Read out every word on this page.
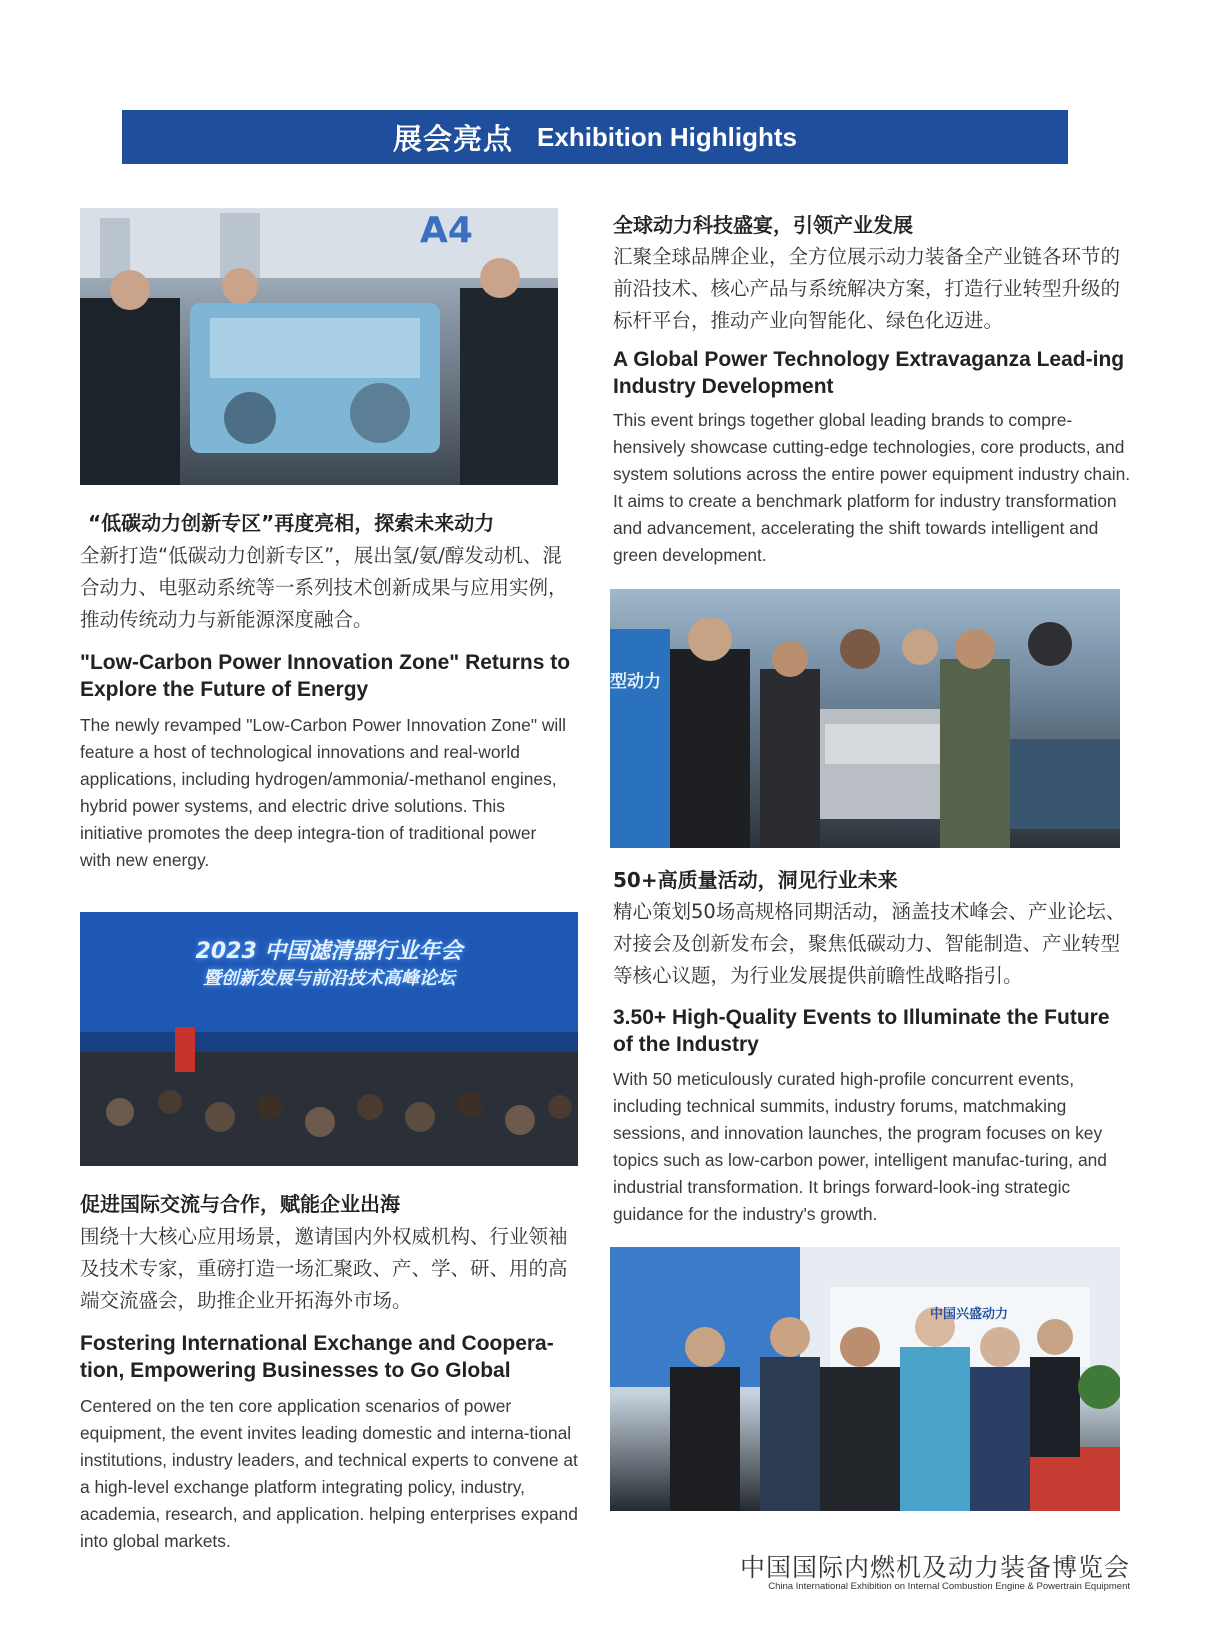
展会亮点 Exhibition Highlights
A4
2023 中国滤清器行业年会
暨创新发展与前沿技术高峰论坛
型动力
中国兴盛动力
“低碳动力创新专区”再度亮相，探索未来动力
全新打造“低碳动力创新专区”，展出氢/氨/醇发动机、混合动力、电驱动系统等一系列技术创新成果与应用实例，推动传统动力与新能源深度融合。
"Low-Carbon Power Innovation Zone" Returns to Explore the Future of Energy
The newly revamped "Low-Carbon Power Innovation Zone" will feature a host of technological innovations and real-world applications, including hydrogen/ammonia/-methanol engines, hybrid power systems, and electric drive solutions. This initiative promotes the deep integra-tion of traditional power with new energy.
促进国际交流与合作，赋能企业出海
围绕十大核心应用场景，邀请国内外权威机构、行业领袖及技术专家，重磅打造一场汇聚政、产、学、研、用的高端交流盛会，助推企业开拓海外市场。
Fostering International Exchange and Coopera-tion, Empowering Businesses to Go Global
Centered on the ten core application scenarios of power equipment, the event invites leading domestic and interna-tional institutions, industry leaders, and technical experts to convene at a high-level exchange platform integrating policy, industry, academia, research, and application. helping enterprises expand into global markets.
全球动力科技盛宴，引领产业发展
汇聚全球品牌企业，全方位展示动力装备全产业链各环节的前沿技术、核心产品与系统解决方案，打造行业转型升级的标杆平台，推动产业向智能化、绿色化迈进。
A Global Power Technology Extravaganza Lead-ing Industry Development
This event brings together global leading brands to compre-hensively showcase cutting-edge technologies, core products, and system solutions across the entire power equipment industry chain. It aims to create a benchmark platform for industry transformation and advancement, accelerating the shift towards intelligent and green development.
50+高质量活动，洞见行业未来
精心策划50场高规格同期活动，涵盖技术峰会、产业论坛、对接会及创新发布会，聚焦低碳动力、智能制造、产业转型等核心议题，为行业发展提供前瞻性战略指引。
3.50+ High-Quality Events to Illuminate the Future of the Industry
With 50 meticulously curated high-profile concurrent events, including technical summits, industry forums, matchmaking sessions, and innovation launches, the program focuses on key topics such as low-carbon power, intelligent manufac-turing, and industrial transformation. It brings forward-look-ing strategic guidance for the industry's growth.
中国国际内燃机及动力装备博览会
China International Exhibition on Internal Combustion Engine & Powertrain Equipment
